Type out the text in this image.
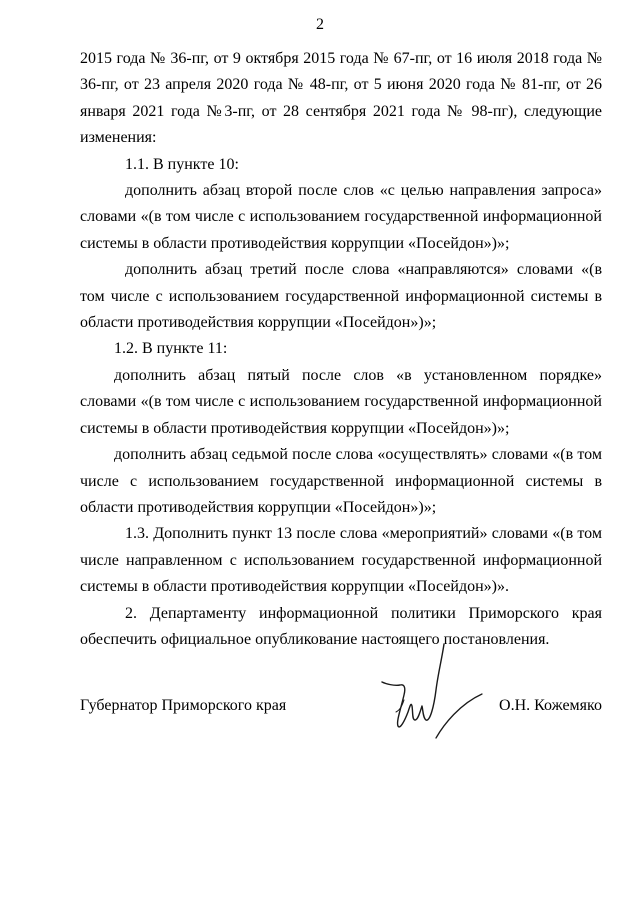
2

2015 года № 36-пг, от 9 октября 2015 года № 67-пг, от 16 июля 2018 года № 36-пг, от 23 апреля 2020 года № 48-пг, от 5 июня 2020 года № 81-пг, от 26 января 2021 года №3-пг, от 28 сентября 2021 года № 98-пг), следующие изменения:

1.1. В пункте 10:

дополнить абзац второй после слов «с целью направления запроса» словами «(в том числе с использованием государственной информационной системы в области противодействия коррупции «Посейдон»)»;

дополнить абзац третий после слова «направляются» словами «(в том числе с использованием государственной информационной системы в области противодействия коррупции «Посейдон»)»;

1.2. В пункте 11:

дополнить абзац пятый после слов «в установленном порядке» словами «(в том числе с использованием государственной информационной системы в области противодействия коррупции «Посейдон»)»;

дополнить абзац седьмой после слова «осуществлять» словами «(в том числе с использованием государственной информационной системы в области противодействия коррупции «Посейдон»)»;

1.3. Дополнить пункт 13 после слова «мероприятий» словами «(в том числе направленном с использованием государственной информационной системы в области противодействия коррупции «Посейдон»)».

2. Департаменту информационной политики Приморского края обеспечить официальное опубликование настоящего постановления.

Губернатор Приморского края	О.Н. Кожемяко
